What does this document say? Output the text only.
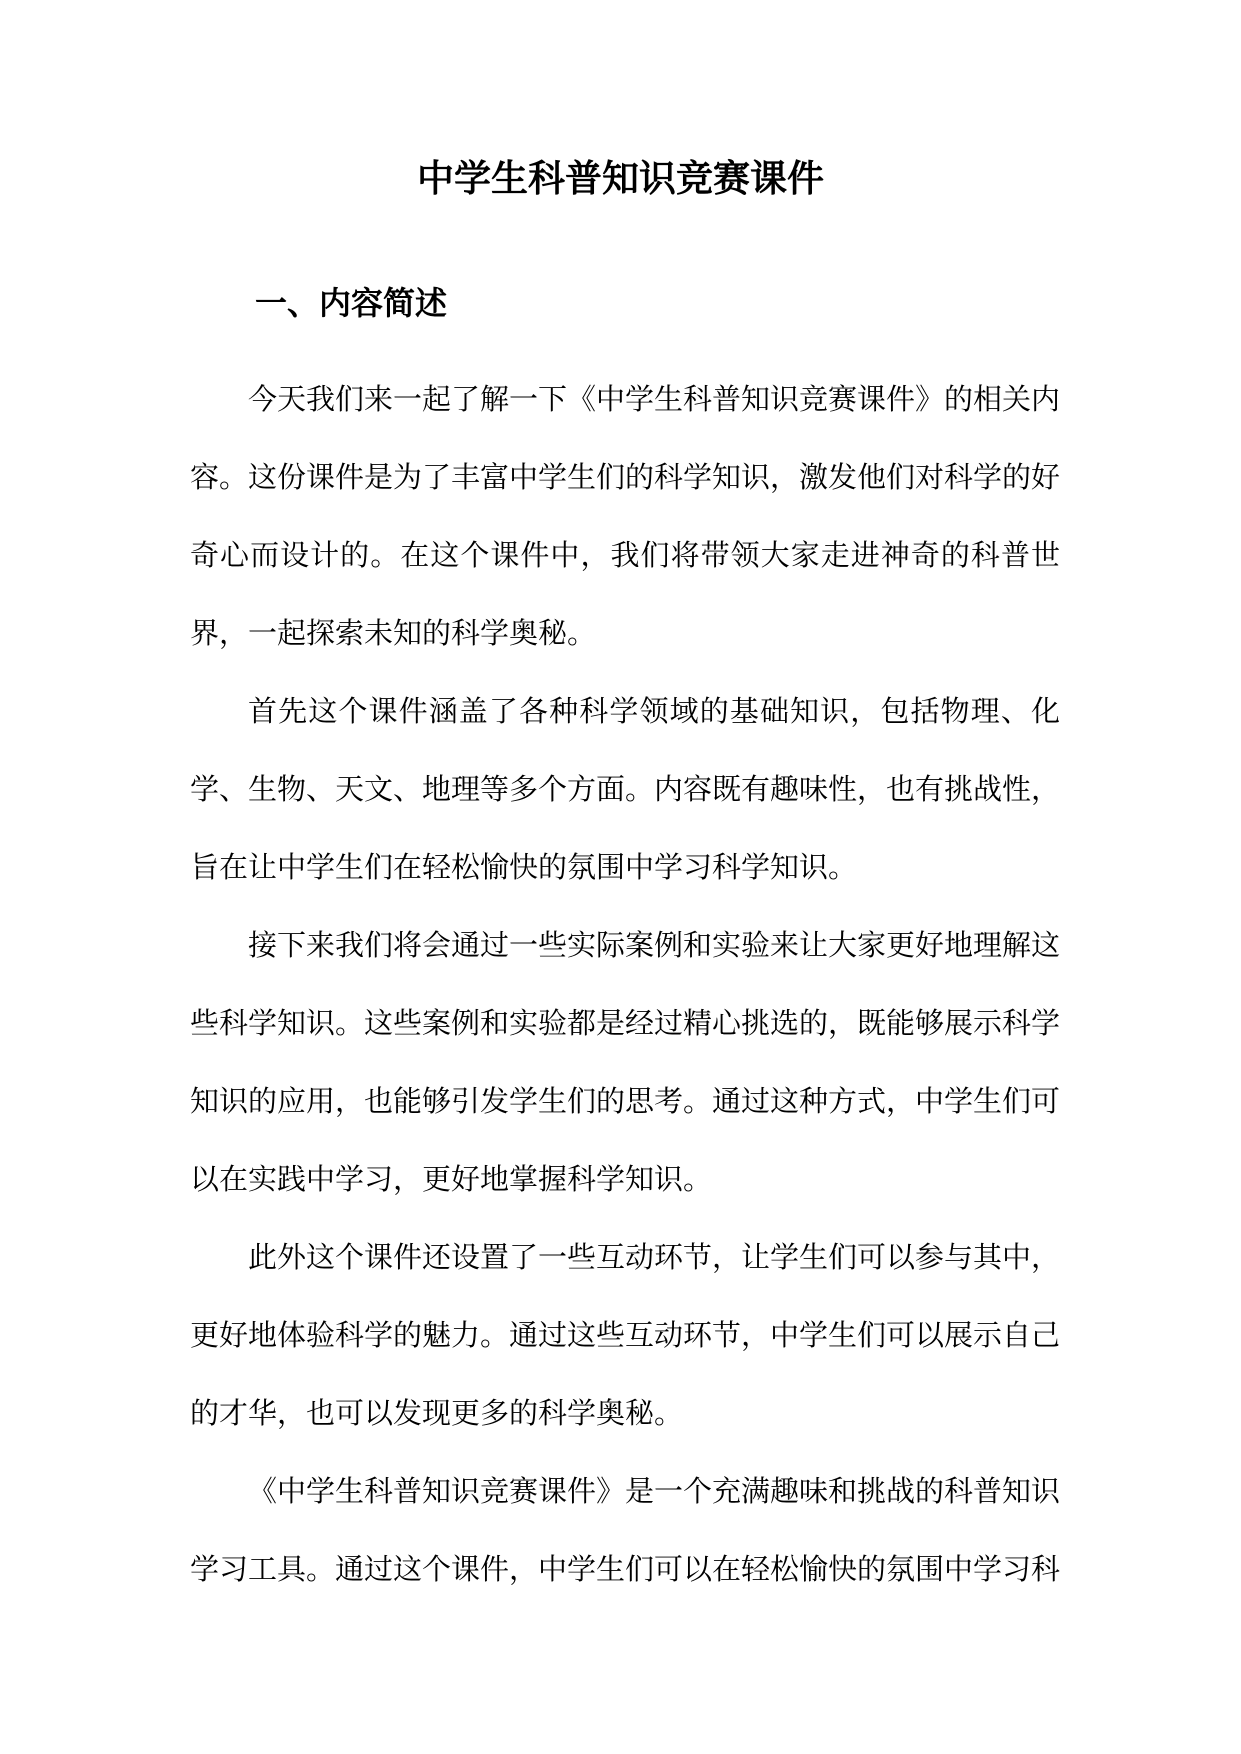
中学生科普知识竞赛课件
一、内容简述

今天我们来一起了解一下《中学生科普知识竞赛课件》的相关内容。这份课件是为了丰富中学生们的科学知识，激发他们对科学的好奇心而设计的。在这个课件中，我们将带领大家走进神奇的科普世界，一起探索未知的科学奥秘。

首先这个课件涵盖了各种科学领域的基础知识，包括物理、化学、生物、天文、地理等多个方面。内容既有趣味性，也有挑战性，旨在让中学生们在轻松愉快的氛围中学习科学知识。

接下来我们将会通过一些实际案例和实验来让大家更好地理解这些科学知识。这些案例和实验都是经过精心挑选的，既能够展示科学知识的应用，也能够引发学生们的思考。通过这种方式，中学生们可以在实践中学习，更好地掌握科学知识。

此外这个课件还设置了一些互动环节，让学生们可以参与其中，更好地体验科学的魅力。通过这些互动环节，中学生们可以展示自己的才华，也可以发现更多的科学奥秘。

《中学生科普知识竞赛课件》是一个充满趣味和挑战的科普知识学习工具。通过这个课件，中学生们可以在轻松愉快的氛围中学习科
